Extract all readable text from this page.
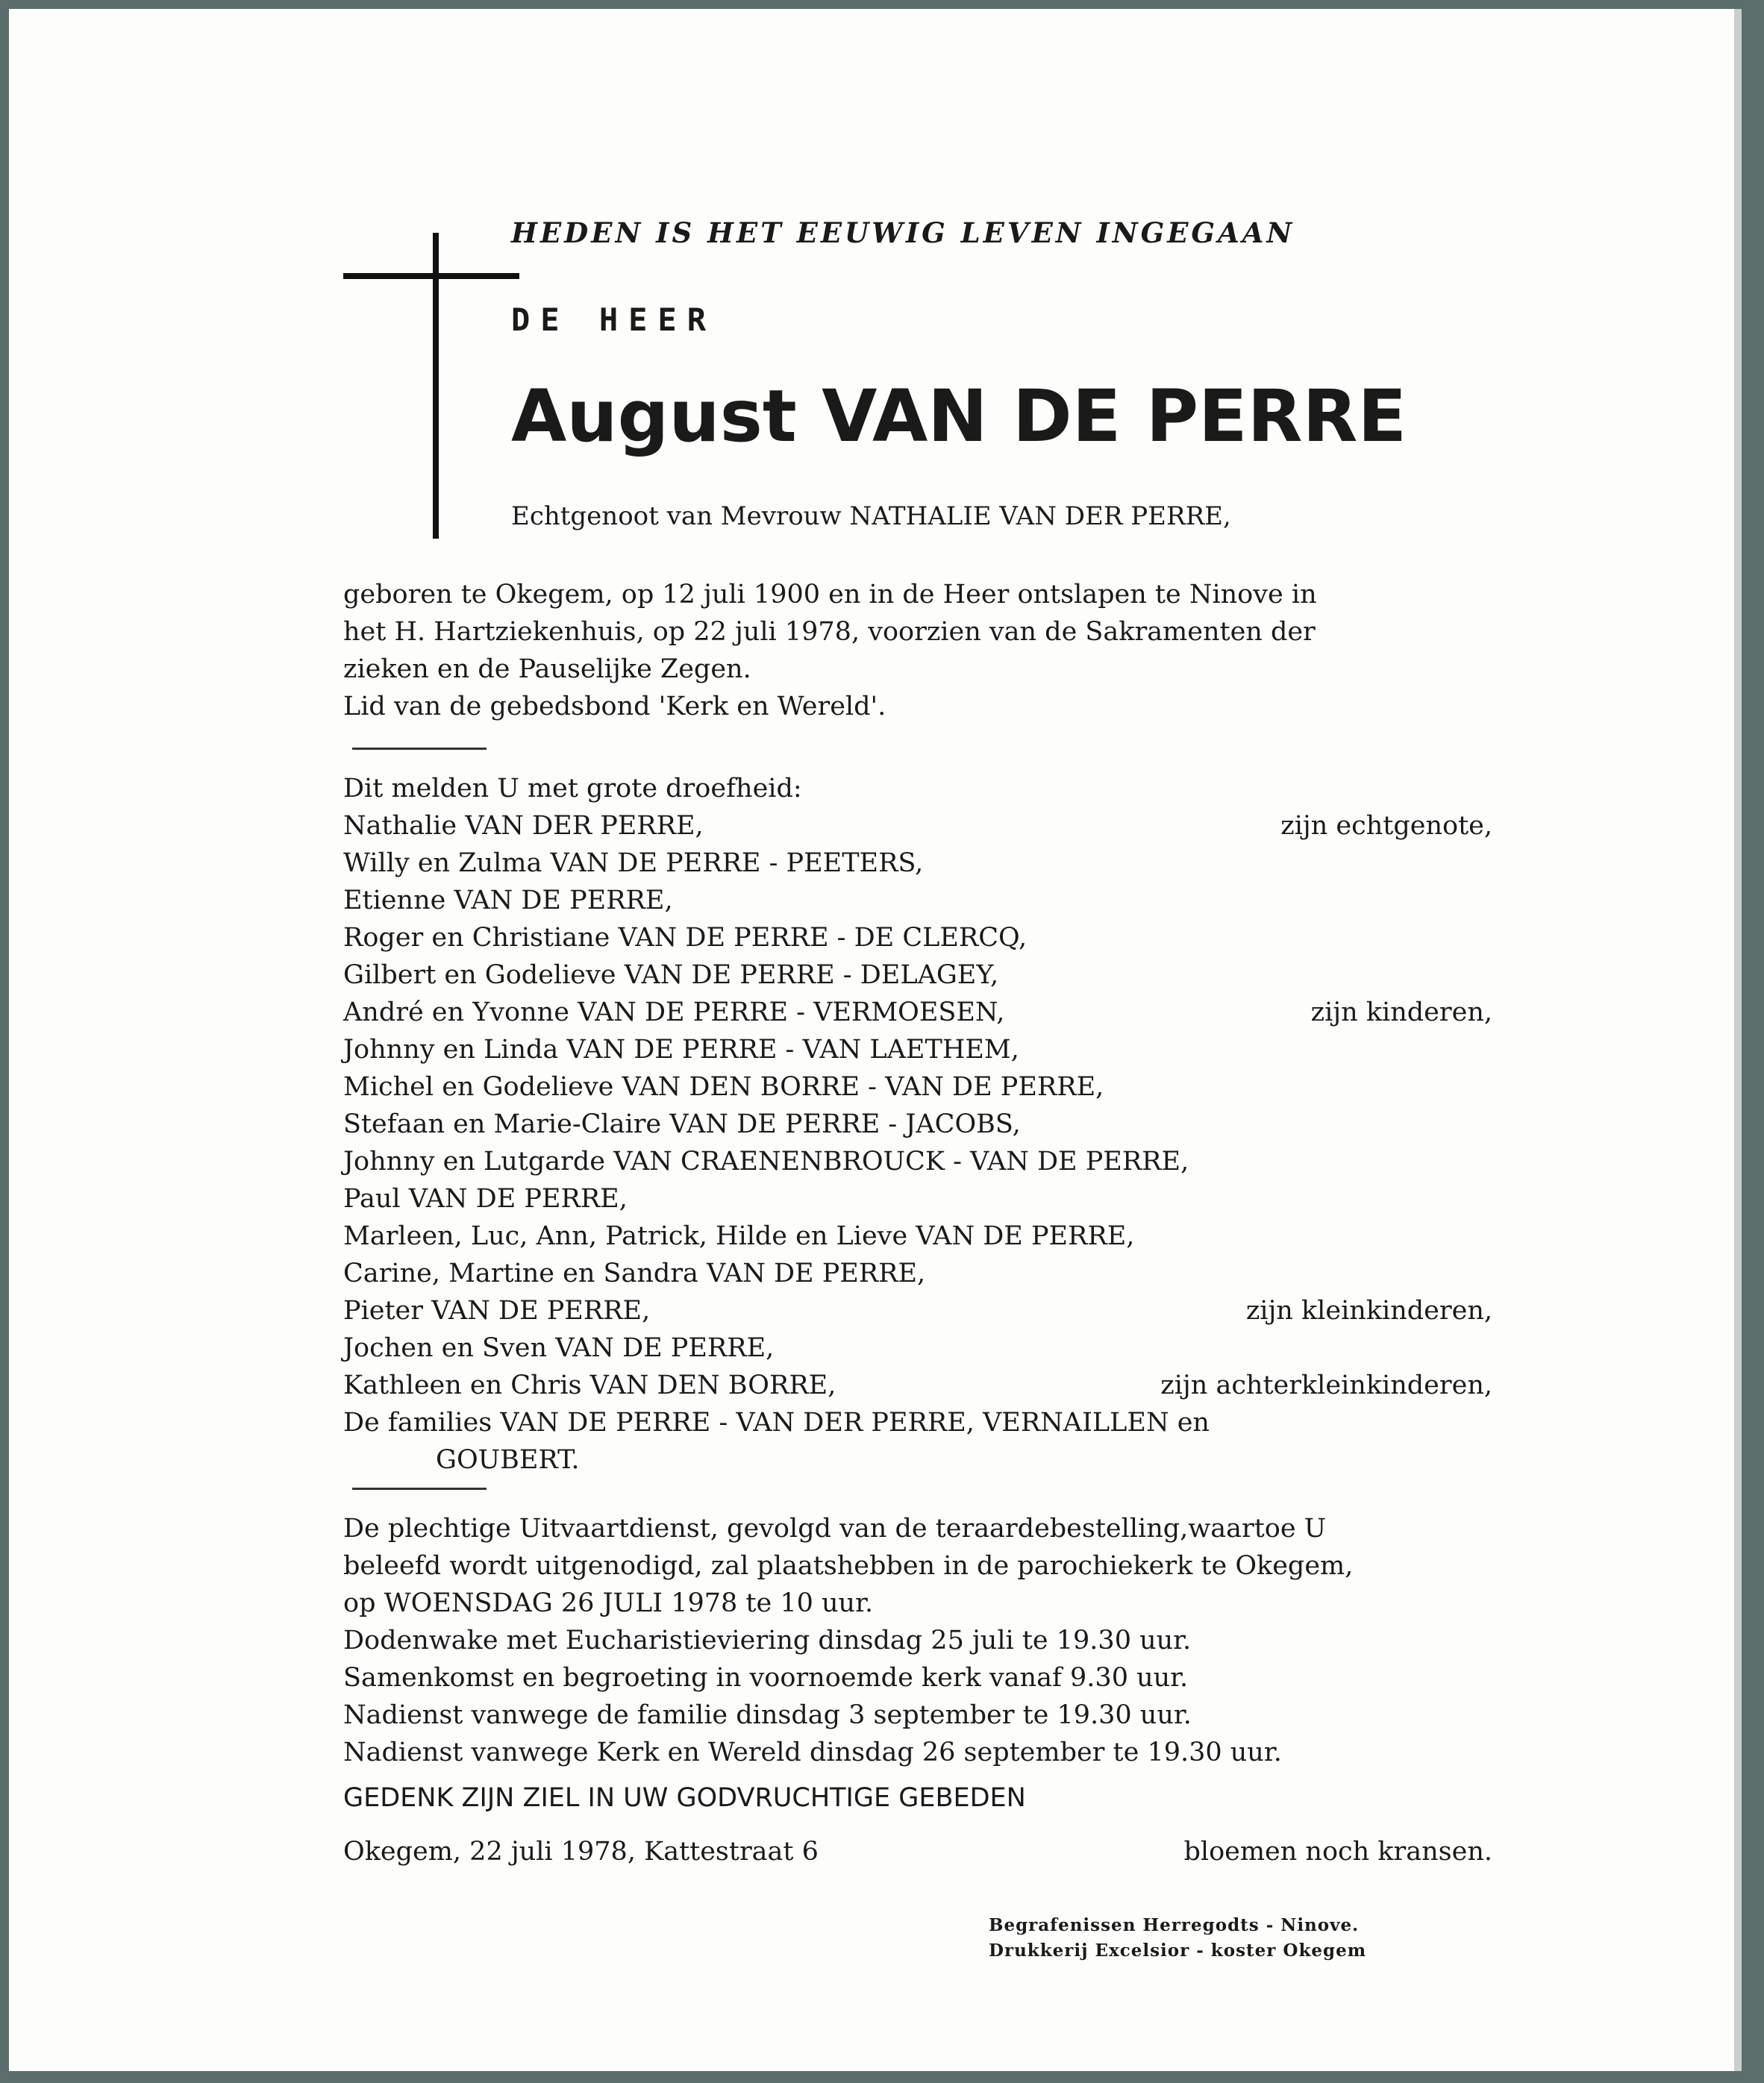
HEDEN IS HET EEUWIG LEVEN INGEGAAN
DE HEER
August VAN DE PERRE
Echtgenoot van Mevrouw NATHALIE VAN DER PERRE,
geboren te Okegem, op 12 juli 1900 en in de Heer ontslapen te Ninove in
het H. Hartziekenhuis, op 22 juli 1978, voorzien van de Sakramenten der
zieken en de Pauselijke Zegen.
Lid van de gebedsbond 'Kerk en Wereld'.
Dit melden U met grote droefheid:
Nathalie VAN DER PERRE,	zijn echtgenote,
Willy en Zulma VAN DE PERRE - PEETERS,
Etienne VAN DE PERRE,
Roger en Christiane VAN DE PERRE - DE CLERCQ,
Gilbert en Godelieve VAN DE PERRE - DELAGEY,
André en Yvonne VAN DE PERRE - VERMOESEN,	zijn kinderen,
Johnny en Linda VAN DE PERRE - VAN LAETHEM,
Michel en Godelieve VAN DEN BORRE - VAN DE PERRE,
Stefaan en Marie-Claire VAN DE PERRE - JACOBS,
Johnny en Lutgarde VAN CRAENENBROUCK - VAN DE PERRE,
Paul VAN DE PERRE,
Marleen, Luc, Ann, Patrick, Hilde en Lieve VAN DE PERRE,
Carine, Martine en Sandra VAN DE PERRE,
Pieter VAN DE PERRE,	zijn kleinkinderen,
Jochen en Sven VAN DE PERRE,
Kathleen en Chris VAN DEN BORRE,	zijn achterkleinkinderen,
De families VAN DE PERRE - VAN DER PERRE, VERNAILLEN en
GOUBERT.
De plechtige Uitvaartdienst, gevolgd van de teraardebestelling,waartoe U
beleefd wordt uitgenodigd, zal plaatshebben in de parochiekerk te Okegem,
op WOENSDAG 26 JULI 1978 te 10 uur.
Dodenwake met Eucharistieviering dinsdag 25 juli te 19.30 uur.
Samenkomst en begroeting in voornoemde kerk vanaf 9.30 uur.
Nadienst vanwege de familie dinsdag 3 september te 19.30 uur.
Nadienst vanwege Kerk en Wereld dinsdag 26 september te 19.30 uur.
GEDENK ZIJN ZIEL IN UW GODVRUCHTIGE GEBEDEN
Okegem, 22 juli 1978, Kattestraat 6	bloemen noch kransen.
Begrafenissen Herregodts - Ninove.
Drukkerij Excelsior - koster Okegem
